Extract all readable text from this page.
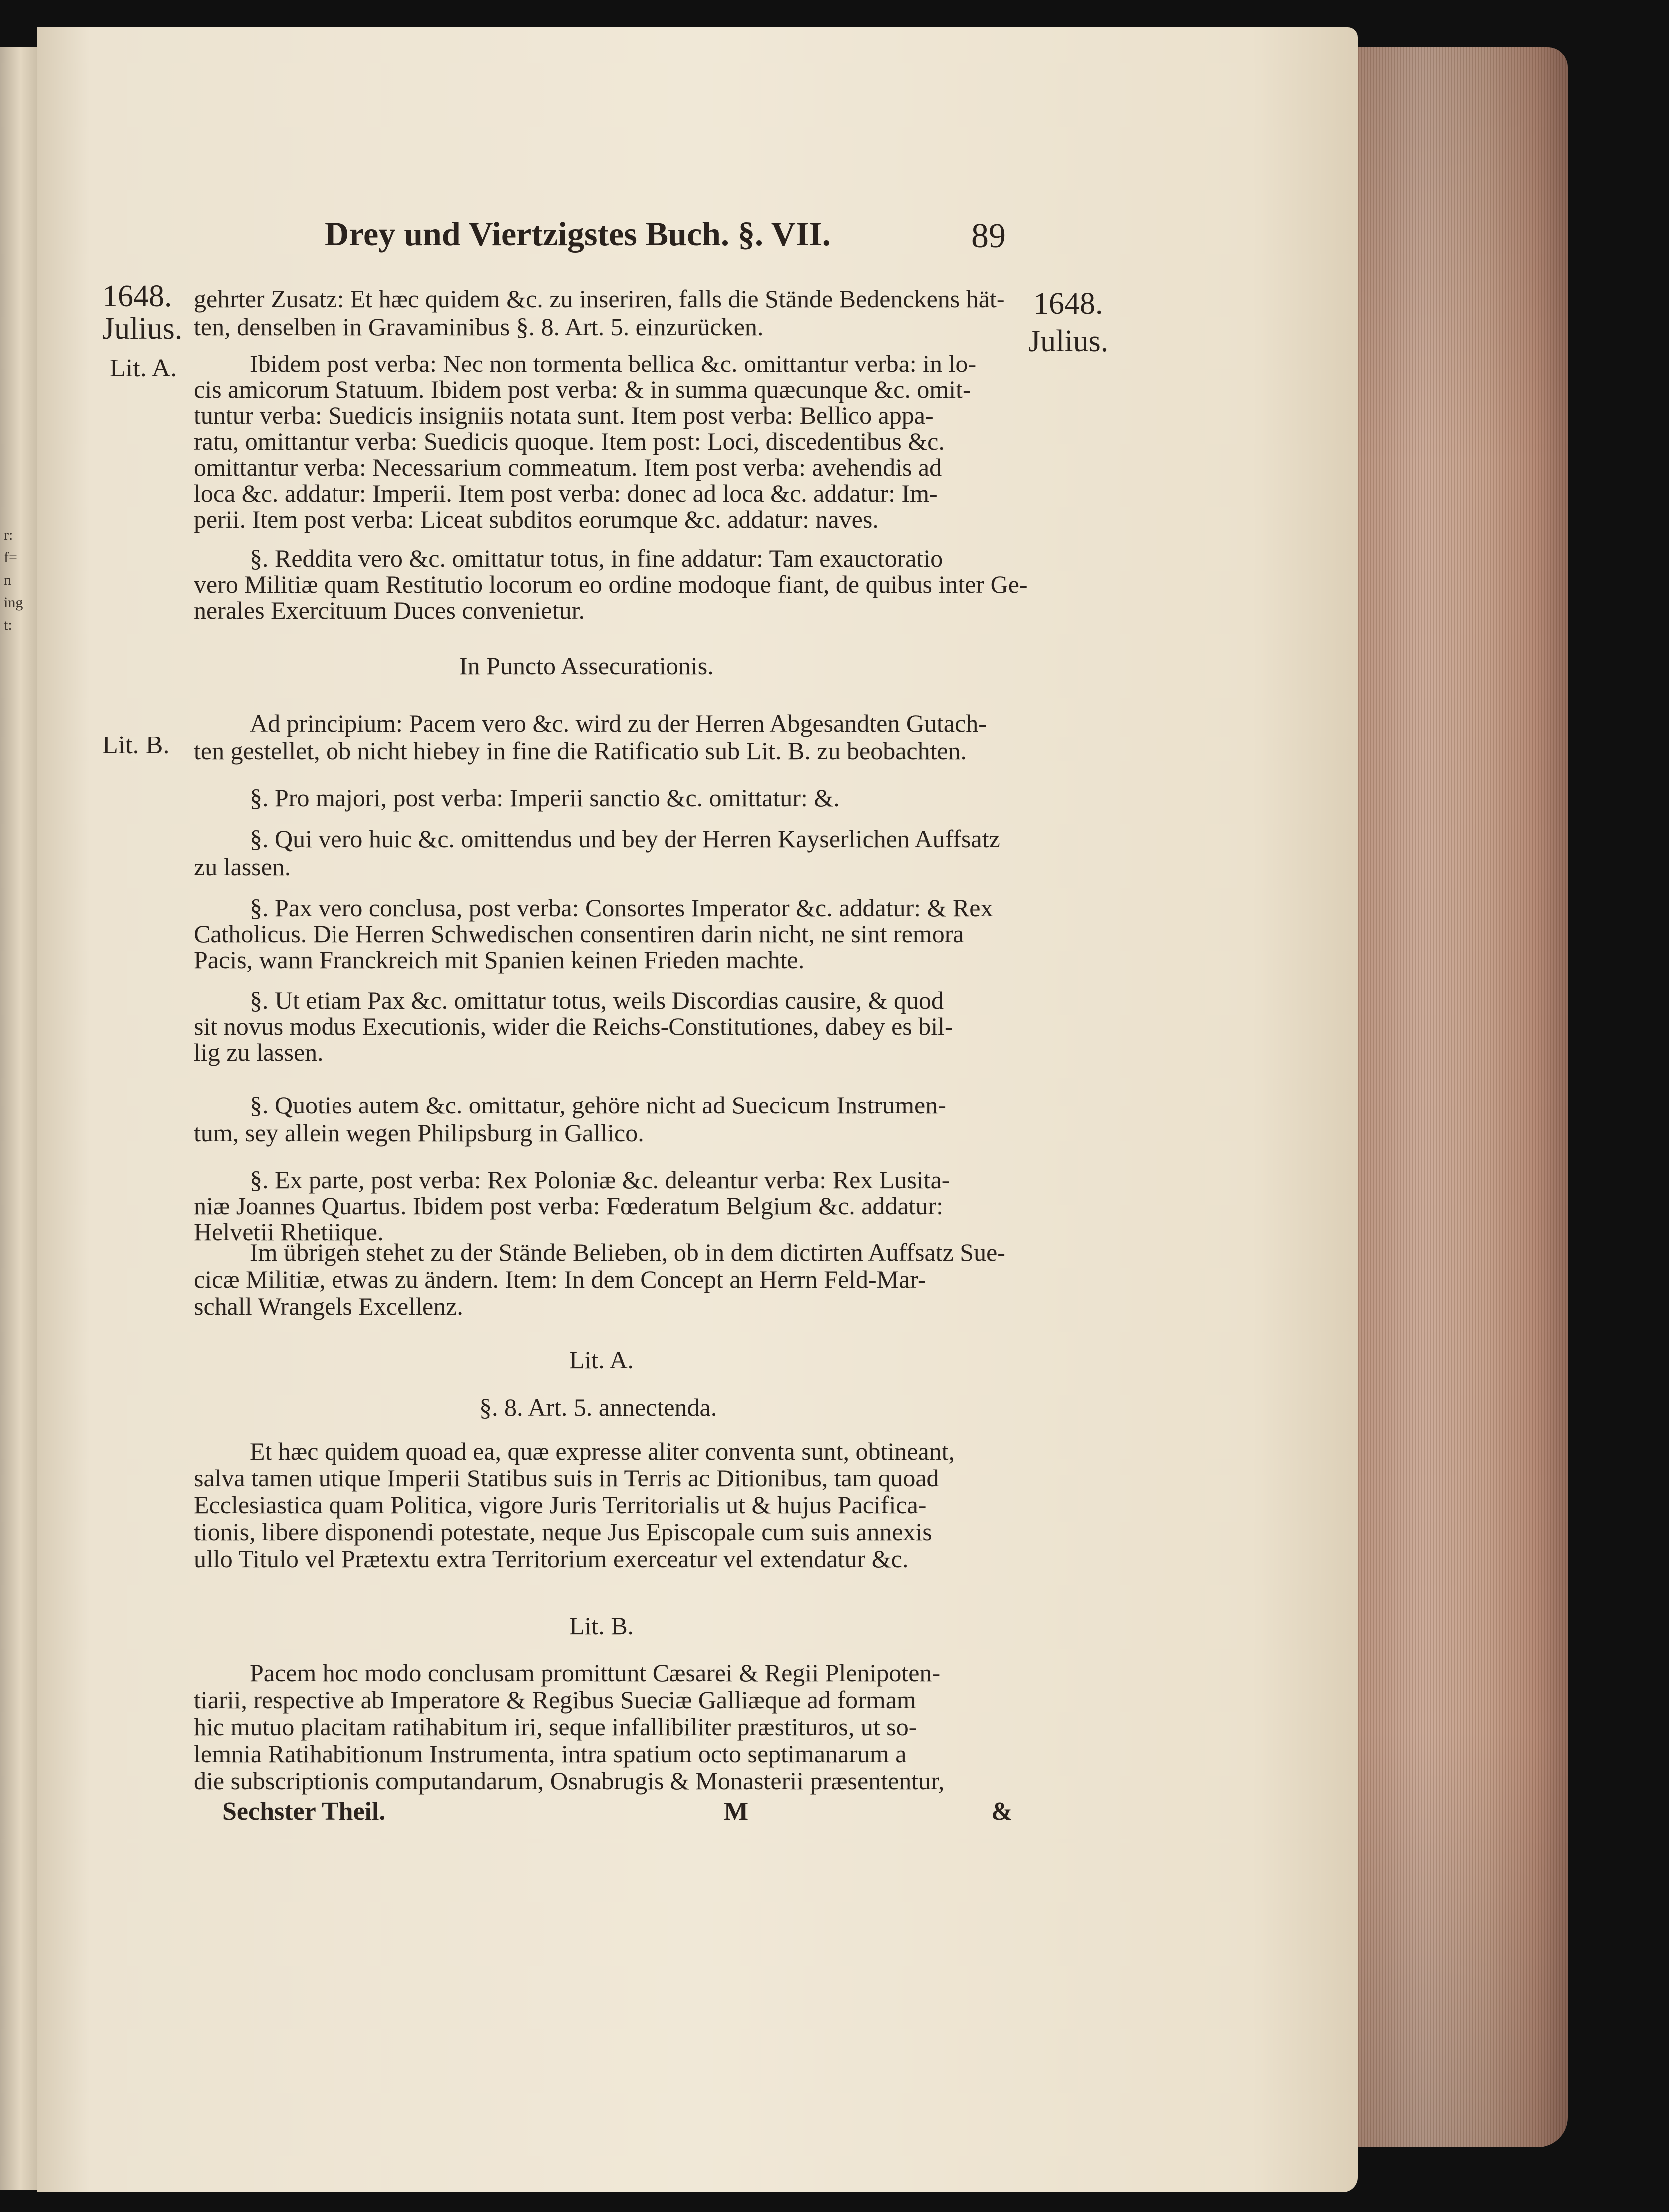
r:
f=
n
ing
t:
Drey und Viertzigstes Buch. §. VII.	89
1648.
Julius.
Lit. A.
Lit. B.
1648.
Julius.
gehrter Zusatz: Et hæc quidem &c. zu inseriren, falls die Stände Bedenckens hät-
ten, denselben in Gravaminibus §. 8. Art. 5. einzurücken.
Ibidem post verba: Nec non tormenta bellica &c. omittantur verba: in lo-
cis amicorum Statuum. Ibidem post verba: & in summa quæcunque &c. omit-
tuntur verba: Suedicis insigniis notata sunt. Item post verba: Bellico appa-
ratu, omittantur verba: Suedicis quoque. Item post: Loci, discedentibus &c.
omittantur verba: Necessarium commeatum. Item post verba: avehendis ad
loca &c. addatur: Imperii. Item post verba: donec ad loca &c. addatur: Im-
perii. Item post verba: Liceat subditos eorumque &c. addatur: naves.
§. Reddita vero &c. omittatur totus, in fine addatur: Tam exauctoratio
vero Militiæ quam Restitutio locorum eo ordine modoque fiant, de quibus inter Ge-
nerales Exercituum Duces convenietur.
In Puncto Assecurationis.
Ad principium: Pacem vero &c. wird zu der Herren Abgesandten Gutach-
ten gestellet, ob nicht hiebey in fine die Ratificatio sub Lit. B. zu beobachten.
§. Pro majori, post verba: Imperii sanctio &c. omittatur: &.
§. Qui vero huic &c. omittendus und bey der Herren Kayserlichen Auffsatz
zu lassen.
§. Pax vero conclusa, post verba: Consortes Imperator &c. addatur: & Rex
Catholicus. Die Herren Schwedischen consentiren darin nicht, ne sint remora
Pacis, wann Franckreich mit Spanien keinen Frieden machte.
§. Ut etiam Pax &c. omittatur totus, weils Discordias causire, & quod
sit novus modus Executionis, wider die Reichs-Constitutiones, dabey es bil-
lig zu lassen.
§. Quoties autem &c. omittatur, gehöre nicht ad Suecicum Instrumen-
tum, sey allein wegen Philipsburg in Gallico.
§. Ex parte, post verba: Rex Poloniæ &c. deleantur verba: Rex Lusita-
niæ Joannes Quartus. Ibidem post verba: Fœderatum Belgium &c. addatur:
Helvetii Rhetiique.
Im übrigen stehet zu der Stände Belieben, ob in dem dictirten Auffsatz Sue-
cicæ Militiæ, etwas zu ändern. Item: In dem Concept an Herrn Feld-Mar-
schall Wrangels Excellenz.
Lit. A.
§. 8. Art. 5. annectenda.
Et hæc quidem quoad ea, quæ expresse aliter conventa sunt, obtineant,
salva tamen utique Imperii Statibus suis in Terris ac Ditionibus, tam quoad
Ecclesiastica quam Politica, vigore Juris Territorialis ut & hujus Pacifica-
tionis, libere disponendi potestate, neque Jus Episcopale cum suis annexis
ullo Titulo vel Prætextu extra Territorium exerceatur vel extendatur &c.
Lit. B.
Pacem hoc modo conclusam promittunt Cæsarei & Regii Plenipoten-
tiarii, respective ab Imperatore & Regibus Sueciæ Galliæque ad formam
hic mutuo placitam ratihabitum iri, seque infallibiliter præstituros, ut so-
lemnia Ratihabitionum Instrumenta, intra spatium octo septimanarum a
die subscriptionis computandarum, Osnabrugis & Monasterii præsententur,
Sechster Theil.	M	&
